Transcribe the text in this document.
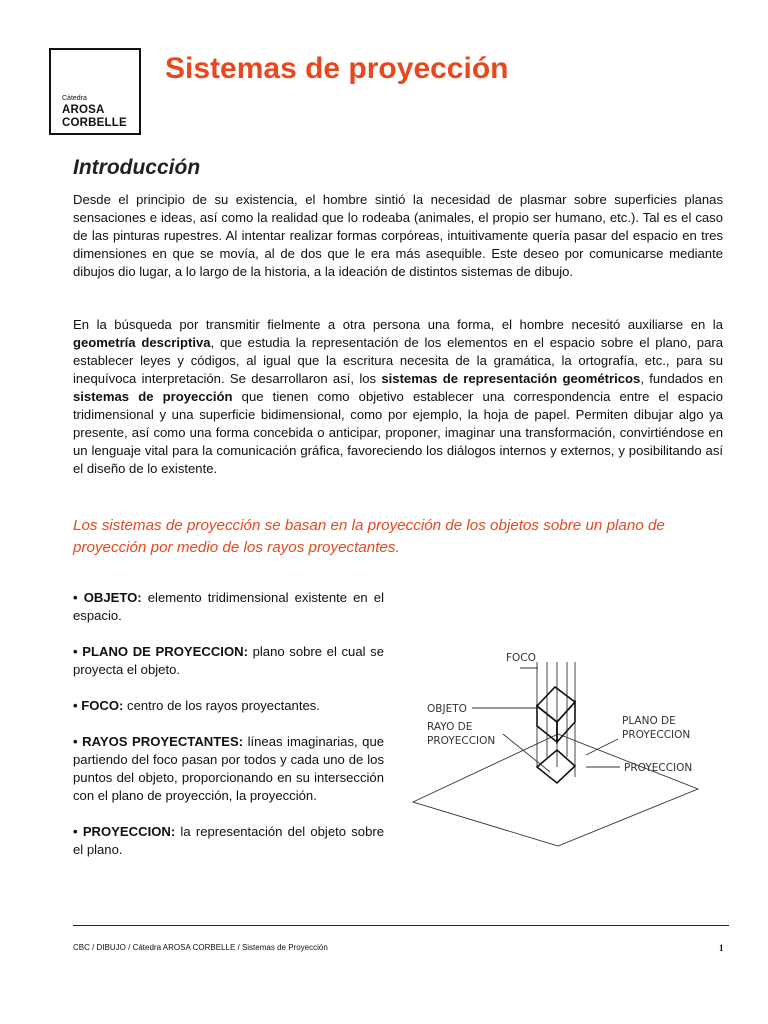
Cátedra
AROSA
CORBELLE
Sistemas de proyección
Introducción

Desde el principio de su existencia, el hombre sintió la necesidad de plasmar sobre superficies planas sensaciones e ideas, así como la realidad que lo rodeaba (animales, el propio ser humano, etc.). Tal es el caso de las pinturas rupestres. Al intentar realizar formas corpóreas, intuitivamente quería pasar del espacio en tres dimensiones en que se movía, al de dos que le era más asequible. Este deseo por comunicarse mediante dibujos dio lugar, a lo largo de la historia, a la ideación de distintos sistemas de dibujo.

En la búsqueda por transmitir fielmente a otra persona una forma, el hombre necesitó auxiliarse en la geometría descriptiva, que estudia la representación de los elementos en el espacio sobre el plano, para establecer leyes y códigos, al igual que la escritura necesita de la gramática, la ortografía, etc., para su inequívoca interpretación. Se desarrollaron así, los sistemas de representación geométricos, fundados en sistemas de proyección que tienen como objetivo establecer una correspondencia entre el espacio tridimensional y una superficie bidimensional, como por ejemplo, la hoja de papel. Permiten dibujar algo ya presente, así como una forma concebida o anticipar, proponer, imaginar una transformación, convirtiéndose en un lenguaje vital para la comunicación gráfica, favoreciendo los diálogos internos y externos, y posibilitando así el diseño de lo existente.

Los sistemas de proyección se basan en la proyección de los objetos sobre un plano de proyección por medio de los rayos proyectantes.

• OBJETO: elemento tridimensional existente en el espacio.

• PLANO DE PROYECCION: plano sobre el cual se proyecta el objeto.

• FOCO: centro de los rayos proyectantes.

• RAYOS PROYECTANTES: líneas imaginarias, que partiendo del foco pasan por todos y cada uno de los puntos del objeto, proporcionando en su intersección con el plano de proyección, la proyección.

• PROYECCION: la representación del objeto sobre el plano.

FOCO
OBJETO
RAYO DE
PROYECCION
PLANO DE
PROYECCION
PROYECCION
CBC / DIBUJO / Cátedra AROSA CORBELLE / Sistemas de Proyección	1
